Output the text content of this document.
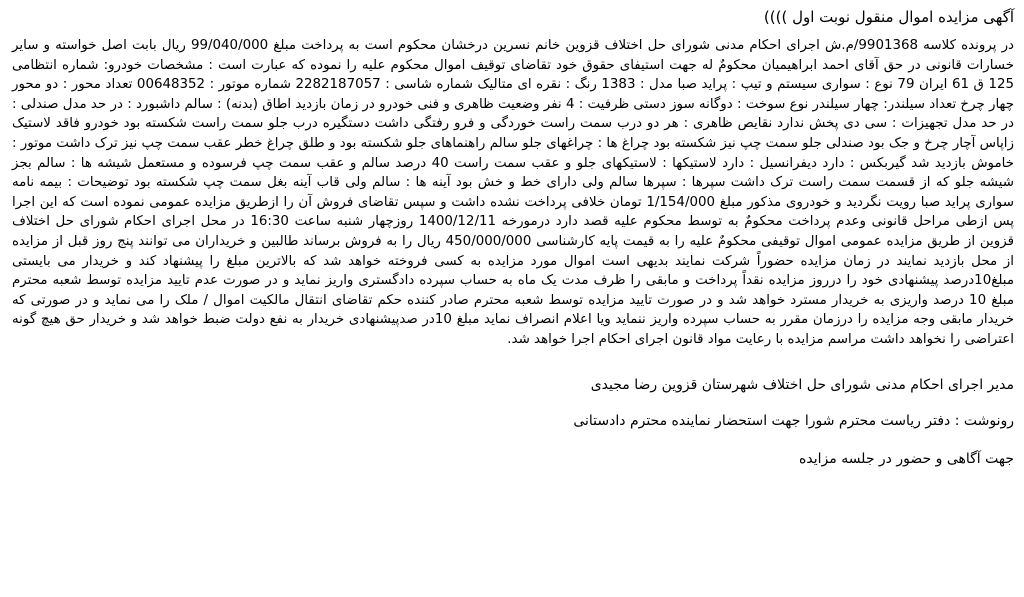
آگهی مزایده اموال منقول نوبت اول ))))

در پرونده کلاسه 9901368/م.ش اجرای احکام مدنی شورای حل اختلاف قزوین خانم نسرین درخشان محکوم است به پرداخت مبلغ 99/040/000 ریال بابت اصل خواسته و سایر خسارات قانونی در حق آقای احمد ابراهیمیان محکومٌ له جهت استیفای حقوق خود تقاضای توقیف اموال محکوم علیه را نموده که عبارت است : مشخصات خودرو: شماره انتظامی 125 ق 61 ایران 79 نوع : سواری سیستم و تیپ : پراید صبا مدل : 1383 رنگ : نقره ای متالیک شماره شاسی : 2282187057 شماره موتور : 00648352 تعداد محور : دو محور چهار چرخ تعداد سیلندر: چهار سیلندر نوع سوخت : دوگانه سوز دستی ظرفیت : 4 نفر وضعیت ظاهری و فنی خودرو در زمان بازدید اطاق (بدنه) : سالم داشبورد : در حد مدل صندلی : در حد مدل تجهیزات : سی دی پخش ندارد نقایص ظاهری : هر دو درب سمت راست خوردگی و فرو رفتگی داشت دستگیره درب جلو سمت راست شکسته بود خودرو فاقد لاستیک زاپاس آچار چرخ و جک بود صندلی جلو سمت چپ نیز شکسته بود چراغ ها : چراغهای جلو سالم راهنماهای جلو شکسته بود و طلق چراغ خطر عقب سمت چپ نیز ترک داشت موتور : خاموش بازدید شد گیربکس : دارد دیفرانسیل : دارد لاستیکها : لاستیکهای جلو و عقب سمت راست 40 درصد سالم و عقب سمت چپ فرسوده و مستعمل شیشه ها : سالم بجز شیشه جلو که از قسمت سمت راست ترک داشت سپرها : سپرها سالم ولی دارای خط و خش بود آینه ها : سالم ولی قاب آینه بغل سمت چپ شکسته بود توضیحات : بیمه نامه سواری پراید صبا رویت نگردید و خودروی مذکور مبلغ 1/154/000 تومان خلافی پرداخت نشده داشت و سپس تقاضای فروش آن را ازطریق مزایده عمومی نموده است که این اجرا پس ازطی مراحل قانونی وعدم پرداخت محکومٌ به توسط محکوم علیه قصد دارد درمورخه 1400/12/11 روزچهار شنبه ساعت 16:30 در محل اجرای احکام شورای حل اختلاف قزوین از طریق مزایده عمومی اموال توقیفی محکومٌ علیه را به قیمت پایه کارشناسی 450/000/000 ریال را به فروش برساند طالبین و خریداران می توانند پنج روز قبل از مزایده از محل بازدید نمایند در زمان مزایده حضوراً شرکت نمایند بدیهی است اموال مورد مزایده به کسی فروخته خواهد شد که بالاترین مبلغ را پیشنهاد کند و خریدار می بایستی مبلغ10درصد پیشنهادی خود را درروز مزایده نقداً پرداخت و مابقی را ظرف مدت یک ماه به حساب سپرده دادگستری واریز نماید و در صورت عدم تایید مزایده توسط شعبه محترم مبلغ 10 درصد واریزی به خریدار مسترد خواهد شد و در صورت تایید مزایده توسط شعبه محترم صادر کننده حکم تقاضای انتقال مالکیت اموال / ملک را می نماید و در صورتی که خریدار مابقی وجه مزایده را درزمان مقرر به حساب سپرده واریز ننماید ویا اعلام انصراف نماید مبلغ 10در صدپیشنهادی خریدار به نفع دولت ضبط خواهد شد و خریدار حق هیچ گونه اعتراضی را نخواهد داشت مراسم مزایده با رعایت مواد قانون اجرای احکام اجرا خواهد شد.

مدیر اجرای احکام مدنی شورای حل اختلاف شهرستان قزوین رضا مجیدی
رونوشت : دفتر ریاست محترم شورا جهت استحضار نماینده محترم دادستانی
جهت آگاهی و حضور در جلسه مزایده
